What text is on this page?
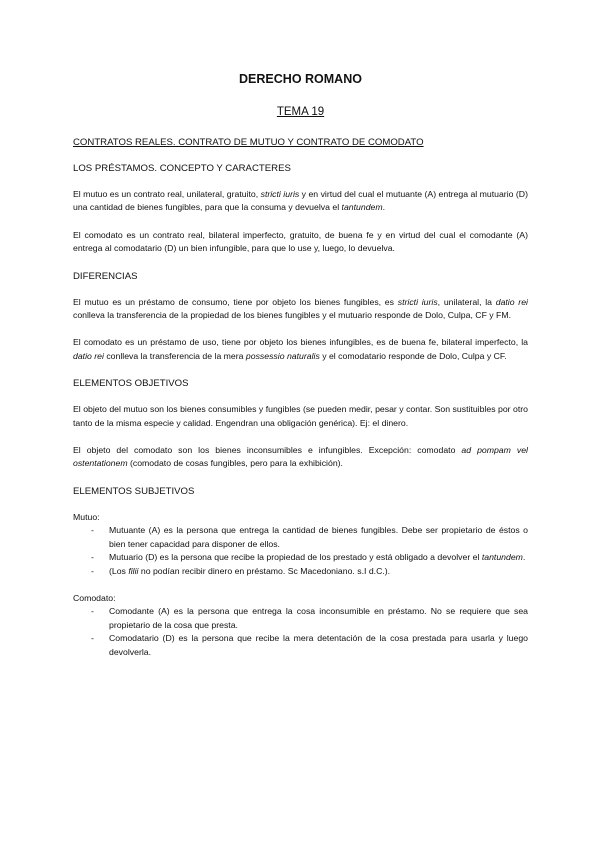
DERECHO ROMANO
TEMA 19
CONTRATOS REALES. CONTRATO DE MUTUO Y CONTRATO DE COMODATO
LOS PRÉSTAMOS. CONCEPTO Y CARACTERES

El mutuo es un contrato real, unilateral, gratuito, stricti iuris y en virtud del cual el mutuante (A) entrega al mutuario (D) una cantidad de bienes fungibles, para que la consuma y devuelva el tantundem.

El comodato es un contrato real, bilateral imperfecto, gratuito, de buena fe y en virtud del cual el comodante (A) entrega al comodatario (D) un bien infungible, para que lo use y, luego, lo devuelva.

DIFERENCIAS

El mutuo es un préstamo de consumo, tiene por objeto los bienes fungibles, es stricti iuris, unilateral, la datio rei conlleva la transferencia de la propiedad de los bienes fungibles y el mutuario responde de Dolo, Culpa, CF y FM.

El comodato es un préstamo de uso, tiene por objeto los bienes infungibles, es de buena fe, bilateral imperfecto, la datio rei conlleva la transferencia de la mera possessio naturalis y el comodatario responde de Dolo, Culpa y CF.

ELEMENTOS OBJETIVOS

El objeto del mutuo son los bienes consumibles y fungibles (se pueden medir, pesar y contar. Son sustituibles por otro tanto de la misma especie y calidad. Engendran una obligación genérica). Ej: el dinero.

El objeto del comodato son los bienes inconsumibles e infungibles. Excepción: comodato ad pompam vel ostentationem (comodato de cosas fungibles, pero para la exhibición).

ELEMENTOS SUBJETIVOS
Mutuo:
- Mutuante (A) es la persona que entrega la cantidad de bienes fungibles. Debe ser propietario de éstos o bien tener capacidad para disponer de ellos.
- Mutuario (D) es la persona que recibe la propiedad de los prestado y está obligado a devolver el tantundem.
- (Los filii no podían recibir dinero en préstamo. Sc Macedoniano. s.I d.C.).
Comodato:
- Comodante (A) es la persona que entrega la cosa inconsumible en préstamo. No se requiere que sea propietario de la cosa que presta.
- Comodatario (D) es la persona que recibe la mera detentación de la cosa prestada para usarla y luego devolverla.
